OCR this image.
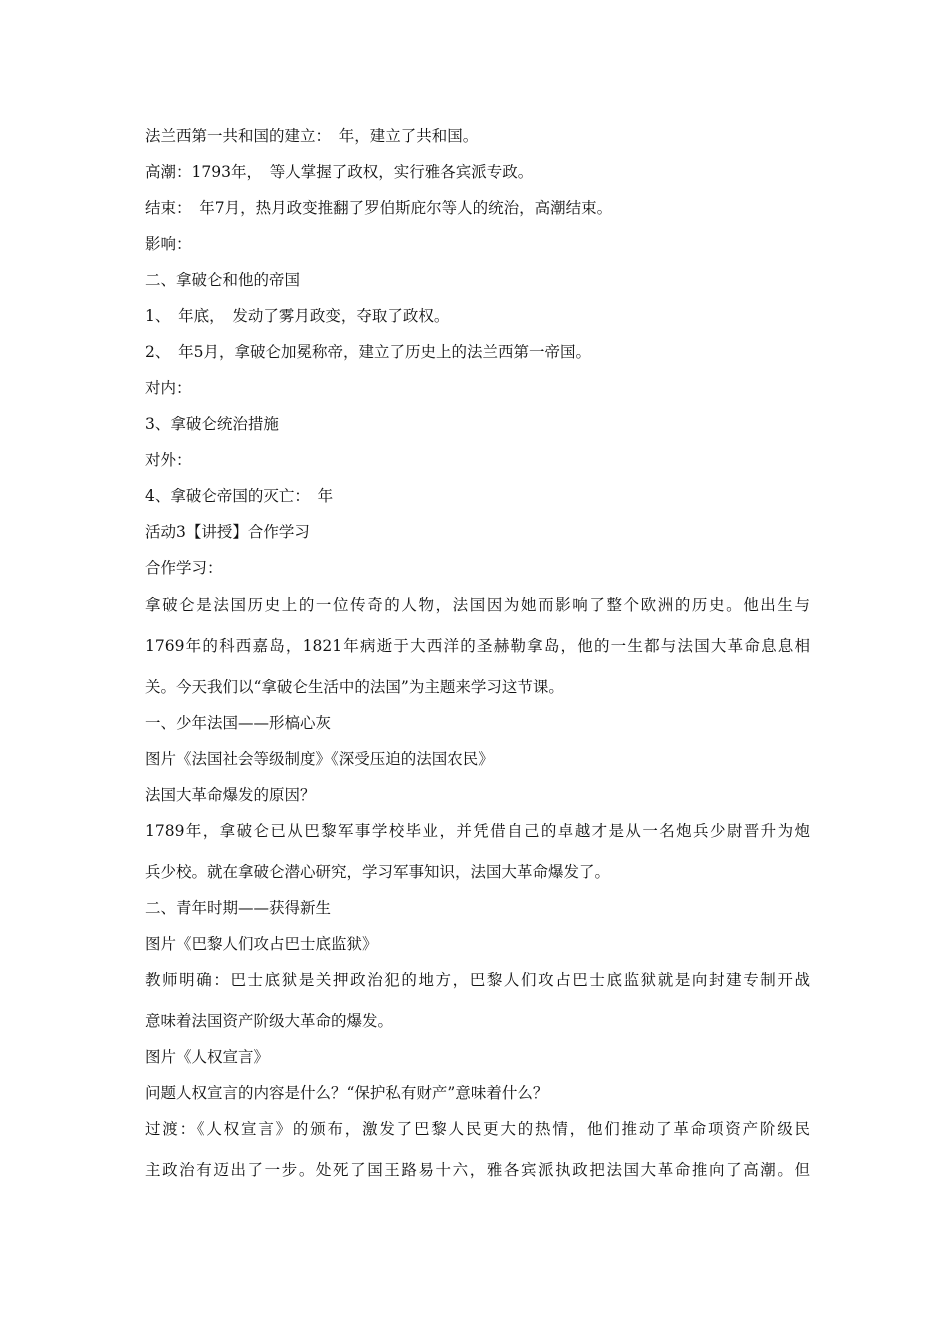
法兰西第一共和国的建立：　年，建立了共和国。
高潮：1793年，　等人掌握了政权，实行雅各宾派专政。
结束：　年7月，热月政变推翻了罗伯斯庇尔等人的统治，高潮结束。
影响：
二、拿破仑和他的帝国
1、　年底，　发动了雾月政变，夺取了政权。
2、　年5月，拿破仑加冕称帝，建立了历史上的法兰西第一帝国。
对内：
3、拿破仑统治措施
对外：
4、拿破仑帝国的灭亡：　年
活动3【讲授】合作学习
合作学习：
拿破仑是法国历史上的一位传奇的人物，法国因为她而影响了整个欧洲的历史。他出生与
1769年的科西嘉岛，1821年病逝于大西洋的圣赫勒拿岛，他的一生都与法国大革命息息相
关。今天我们以“拿破仑生活中的法国”为主题来学习这节课。
一、少年法国——形槁心灰
图片《法国社会等级制度》《深受压迫的法国农民》
法国大革命爆发的原因？
1789年，拿破仑已从巴黎军事学校毕业，并凭借自己的卓越才是从一名炮兵少尉晋升为炮
兵少校。就在拿破仑潜心研究，学习军事知识，法国大革命爆发了。
二、青年时期——获得新生
图片《巴黎人们攻占巴士底监狱》
教师明确：巴士底狱是关押政治犯的地方，巴黎人们攻占巴士底监狱就是向封建专制开战
意味着法国资产阶级大革命的爆发。
图片《人权宣言》
问题人权宣言的内容是什么？“保护私有财产”意味着什么？
过渡：《人权宣言》的颁布，激发了巴黎人民更大的热情，他们推动了革命项资产阶级民
主政治有迈出了一步。处死了国王路易十六，雅各宾派执政把法国大革命推向了高潮。但
